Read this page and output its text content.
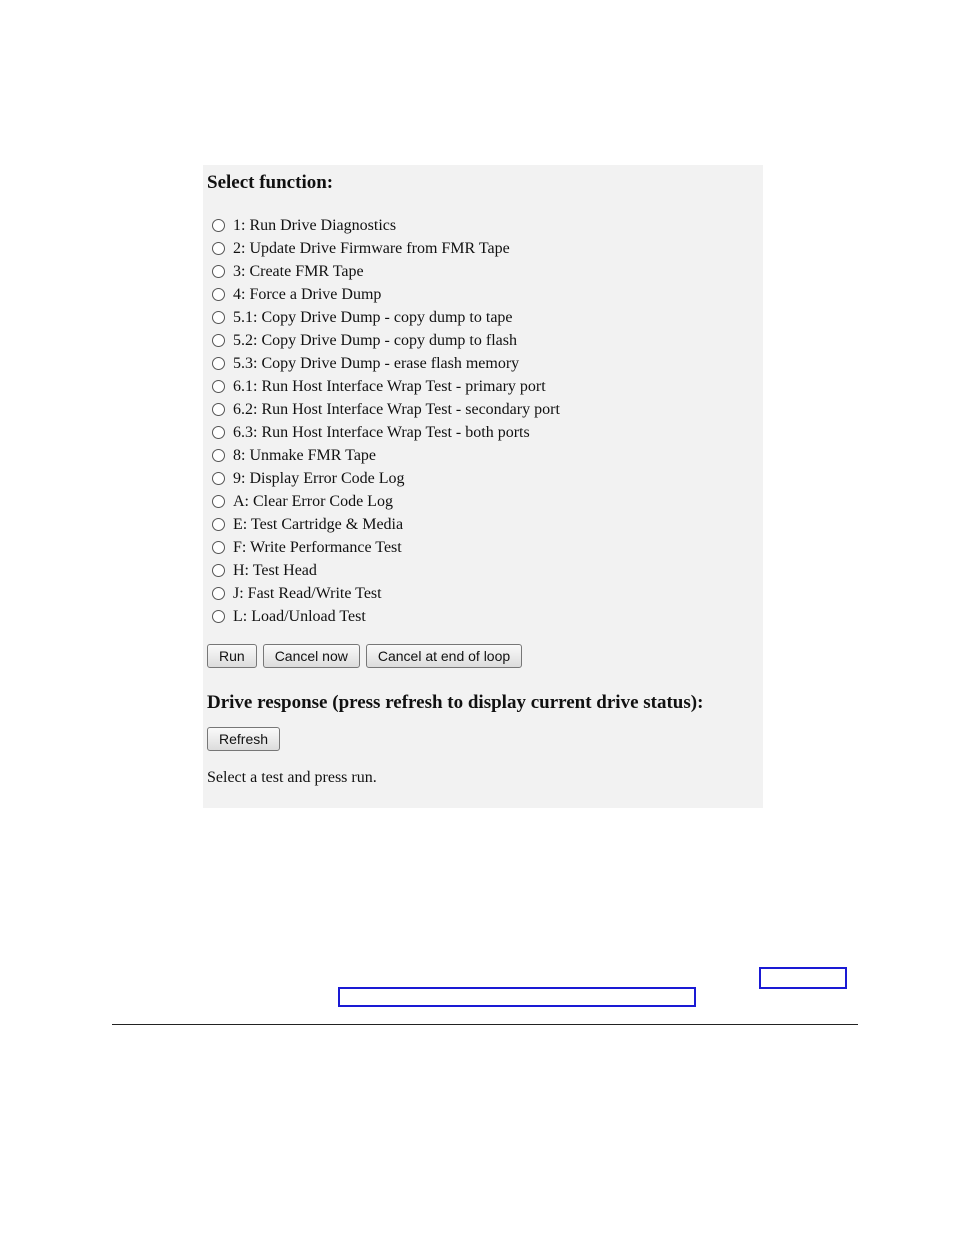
Select function:
1: Run Drive Diagnostics
2: Update Drive Firmware from FMR Tape
3: Create FMR Tape
4: Force a Drive Dump
5.1: Copy Drive Dump - copy dump to tape
5.2: Copy Drive Dump - copy dump to flash
5.3: Copy Drive Dump - erase flash memory
6.1: Run Host Interface Wrap Test - primary port
6.2: Run Host Interface Wrap Test - secondary port
6.3: Run Host Interface Wrap Test - both ports
8: Unmake FMR Tape
9: Display Error Code Log
A: Clear Error Code Log
E: Test Cartridge & Media
F: Write Performance Test
H: Test Head
J: Fast Read/Write Test
L: Load/Unload Test
Run	Cancel now	Cancel at end of loop
Drive response (press refresh to display current drive status):
Refresh
Select a test and press run.
